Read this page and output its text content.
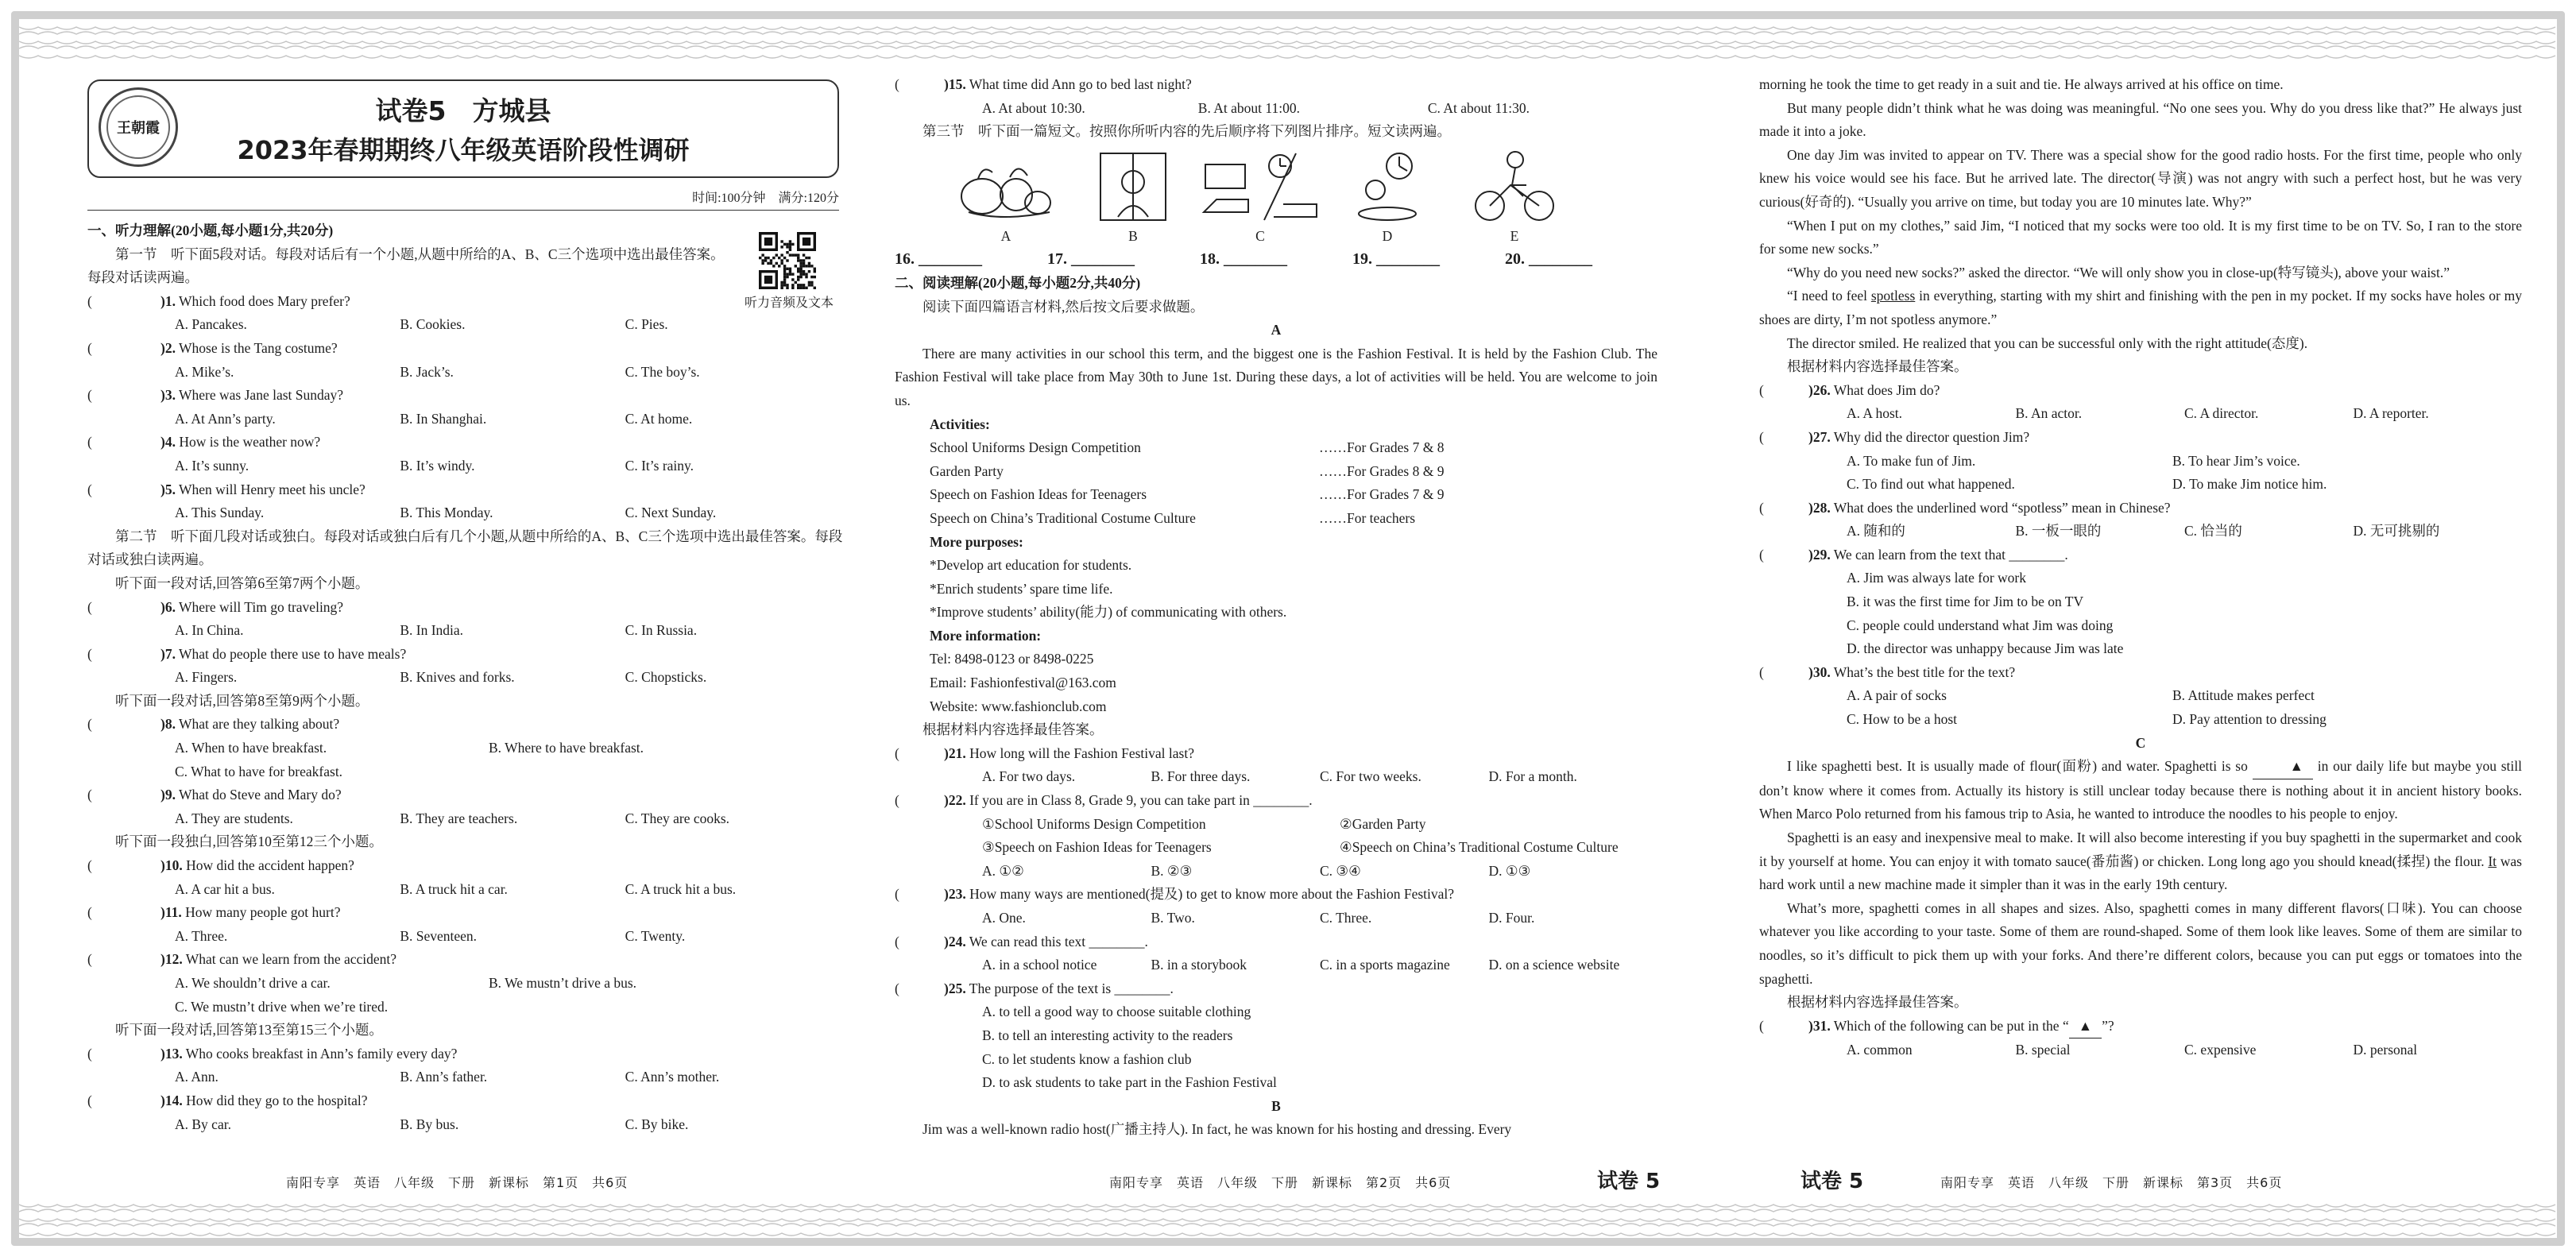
王朝霞
试卷5　方城县
2023年春期期终八年级英语阶段性调研
时间:100分钟　满分:120分
听力音频及文本

一、听力理解(20小题,每小题1分,共20分)

第一节　听下面5段对话。每段对话后有一个小题,从题中所给的A、B、C三个选项中选出最佳答案。每段对话读两遍。

(	)1. Which food does Mary prefer?

A. Pancakes.	B. Cookies.	C. Pies.

(	)2. Whose is the Tang costume?

A. Mike’s.	B. Jack’s.	C. The boy’s.

(	)3. Where was Jane last Sunday?

A. At Ann’s party.	B. In Shanghai.	C. At home.

(	)4. How is the weather now?

A. It’s sunny.	B. It’s windy.	C. It’s rainy.

(	)5. When will Henry meet his uncle?

A. This Sunday.	B. This Monday.	C. Next Sunday.

第二节　听下面几段对话或独白。每段对话或独白后有几个小题,从题中所给的A、B、C三个选项中选出最佳答案。每段对话或独白读两遍。

听下面一段对话,回答第6至第7两个小题。

(	)6. Where will Tim go traveling?

A. In China.	B. In India.	C. In Russia.

(	)7. What do people there use to have meals?

A. Fingers.	B. Knives and forks.	C. Chopsticks.

听下面一段对话,回答第8至第9两个小题。

(	)8. What are they talking about?

A. When to have breakfast.	B. Where to have breakfast.

C. What to have for breakfast.

(	)9. What do Steve and Mary do?

A. They are students.	B. They are teachers.	C. They are cooks.

听下面一段独白,回答第10至第12三个小题。

(	)10. How did the accident happen?

A. A car hit a bus.	B. A truck hit a car.	C. A truck hit a bus.

(	)11. How many people got hurt?

A. Three.	B. Seventeen.	C. Twenty.

(	)12. What can we learn from the accident?

A. We shouldn’t drive a car.	B. We mustn’t drive a bus.

C. We mustn’t drive when we’re tired.

听下面一段对话,回答第13至第15三个小题。

(	)13. Who cooks breakfast in Ann’s family every day?

A. Ann.	B. Ann’s father.	C. Ann’s mother.

(	)14. How did they go to the hospital?

A. By car.	B. By bus.	C. By bike.

南阳专享　英语　八年级　下册　新课标　第1页　共6页

(	)15. What time did Ann go to bed last night?

A. At about 10:30.	B. At about 11:00.	C. At about 11:30.

第三节　听下面一篇短文。按照你所听内容的先后顺序将下列图片排序。短文读两遍。

A	B	C	D	E
16. ________	17. ________	18. ________	19. ________	20. ________

二、阅读理解(20小题,每小题2分,共40分)

阅读下面四篇语言材料,然后按文后要求做题。

A

There are many activities in our school this term, and the biggest one is the Fashion Festival. It is held by the Fashion Club. The Fashion Festival will take place from May 30th to June 1st. During these days, a lot of activities will be held. You are welcome to join us.

Activities:

School Uniforms Design Competition	……For Grades 7 & 8
Garden Party	……For Grades 8 & 9
Speech on Fashion Ideas for Teenagers	……For Grades 7 & 9
Speech on China’s Traditional Costume Culture	……For teachers

More purposes:

*Develop art education for students.

*Enrich students’ spare time life.

*Improve students’ ability(能力) of communicating with others.

More information:

Tel: 8498-0123 or 8498-0225

Email: Fashionfestival@163.com

Website: www.fashionclub.com

根据材料内容选择最佳答案。

(	)21. How long will the Fashion Festival last?

A. For two days.	B. For three days.	C. For two weeks.	D. For a month.

(	)22. If you are in Class 8, Grade 9, you can take part in ________.

①School Uniforms Design Competition	②Garden Party

③Speech on Fashion Ideas for Teenagers	④Speech on China’s Traditional Costume Culture

A. ①②	B. ②③	C. ③④	D. ①③

(	)23. How many ways are mentioned(提及) to get to know more about the Fashion Festival?

A. One.	B. Two.	C. Three.	D. Four.

(	)24. We can read this text ________.

A. in a school notice	B. in a storybook	C. in a sports magazine	D. on a science website

(	)25. The purpose of the text is ________.

A. to tell a good way to choose suitable clothing

B. to tell an interesting activity to the readers

C. to let students know a fashion club

D. to ask students to take part in the Fashion Festival

B

Jim was a well-known radio host(广播主持人). In fact, he was known for his hosting and dressing. Every

南阳专享　英语　八年级　下册　新课标　第2页　共6页	试卷 5

morning he took the time to get ready in a suit and tie. He always arrived at his office on time.

But many people didn’t think what he was doing was meaningful. “No one sees you. Why do you dress like that?” He always just made it into a joke.

One day Jim was invited to appear on TV. There was a special show for the good radio hosts. For the first time, people who only knew his voice would see his face. But he arrived late. The director(导演) was not angry with such a perfect host, but he was very curious(好奇的). “Usually you arrive on time, but today you are 10 minutes late. Why?”

“When I put on my clothes,” said Jim, “I noticed that my socks were too old. It is my first time to be on TV. So, I ran to the store for some new socks.”

“Why do you need new socks?” asked the director. “We will only show you in close-up(特写镜头), above your waist.”

“I need to feel spotless in everything, starting with my shirt and finishing with the pen in my pocket. If my socks have holes or my shoes are dirty, I’m not spotless anymore.”

The director smiled. He realized that you can be successful only with the right attitude(态度).

根据材料内容选择最佳答案。

(	)26. What does Jim do?

A. A host.	B. An actor.	C. A director.	D. A reporter.

(	)27. Why did the director question Jim?

A. To make fun of Jim.	B. To hear Jim’s voice.

C. To find out what happened.	D. To make Jim notice him.

(	)28. What does the underlined word “spotless” mean in Chinese?

A. 随和的	B. 一板一眼的	C. 恰当的	D. 无可挑剔的

(	)29. We can learn from the text that ________.

A. Jim was always late for work

B. it was the first time for Jim to be on TV

C. people could understand what Jim was doing

D. the director was unhappy because Jim was late

(	)30. What’s the best title for the text?

A. A pair of socks	B. Attitude makes perfect

C. How to be a host	D. Pay attention to dressing

C

I like spaghetti best. It is usually made of flour(面粉) and water. Spaghetti is so	▲ in our daily life but maybe you still don’t know where it comes from. Actually its history is still unclear today because there is nothing about it in ancient history books. When Marco Polo returned from his famous trip to Asia, he wanted to introduce the noodles to his people to enjoy.

Spaghetti is an easy and inexpensive meal to make. It will also become interesting if you buy spaghetti in the supermarket and cook it by yourself at home. You can enjoy it with tomato sauce(番茄酱) or chicken. Long long ago you should knead(揉捏) the flour. It was hard work until a new machine made it simpler than it was in the early 19th century.

What’s more, spaghetti comes in all shapes and sizes. Also, spaghetti comes in many different flavors(口味). You can choose whatever you like according to your taste. Some of them are round-shaped. Some of them look like leaves. Some of them are similar to noodles, so it’s difficult to pick them up with your forks. And there’re different colors, because you can put eggs or tomatoes into the spaghetti.

根据材料内容选择最佳答案。

(	)31. Which of the following can be put in the “ ▲ ”?

A. common	B. special	C. expensive	D. personal

试卷 5	南阳专享　英语　八年级　下册　新课标　第3页　共6页
